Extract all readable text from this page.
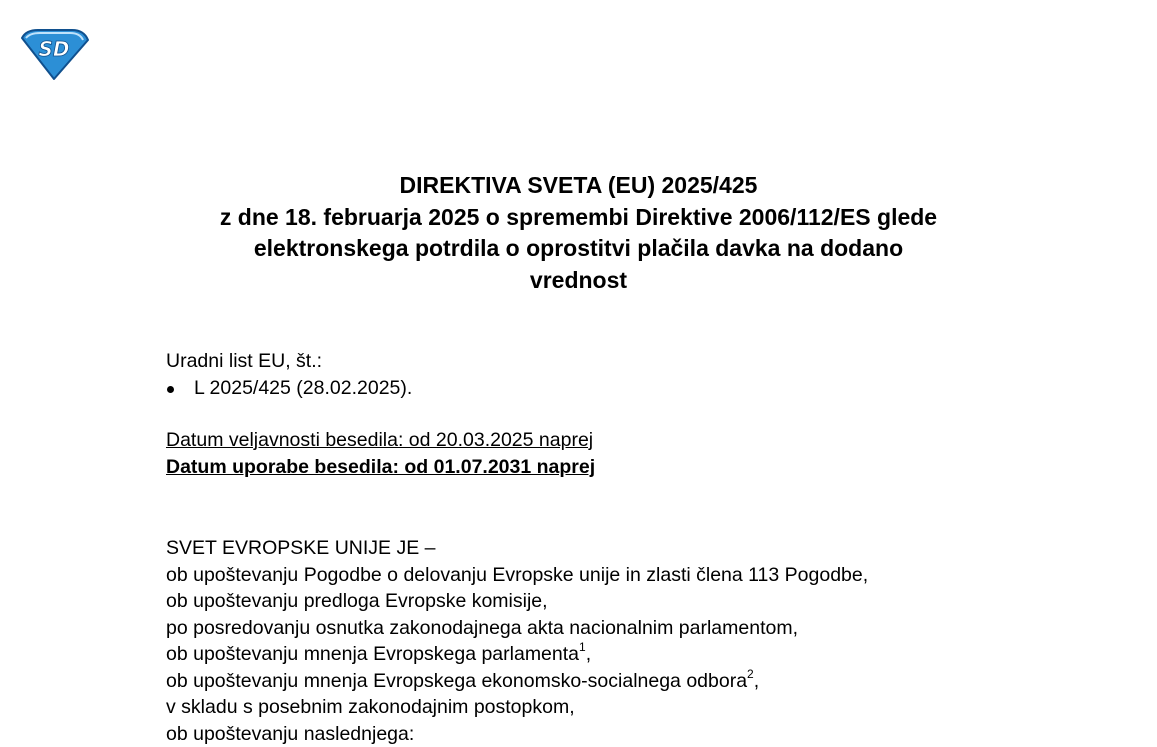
SD
DIREKTIVA SVETA (EU) 2025/425
z dne 18. februarja 2025 o spremembi Direktive 2006/112/ES glede
elektronskega potrdila o oprostitvi plačila davka na dodano
vrednost
Uradni list EU, št.:
L 2025/425 (28.02.2025).
Datum veljavnosti besedila: od 20.03.2025 naprej
Datum uporabe besedila: od 01.07.2031 naprej
SVET EVROPSKE UNIJE JE –
ob upoštevanju Pogodbe o delovanju Evropske unije in zlasti člena 113 Pogodbe,
ob upoštevanju predloga Evropske komisije,
po posredovanju osnutka zakonodajnega akta nacionalnim parlamentom,
ob upoštevanju mnenja Evropskega parlamenta$^1$,
ob upoštevanju mnenja Evropskega ekonomsko-socialnega odbora$^2$,
v skladu s posebnim zakonodajnim postopkom,
ob upoštevanju naslednjega:
